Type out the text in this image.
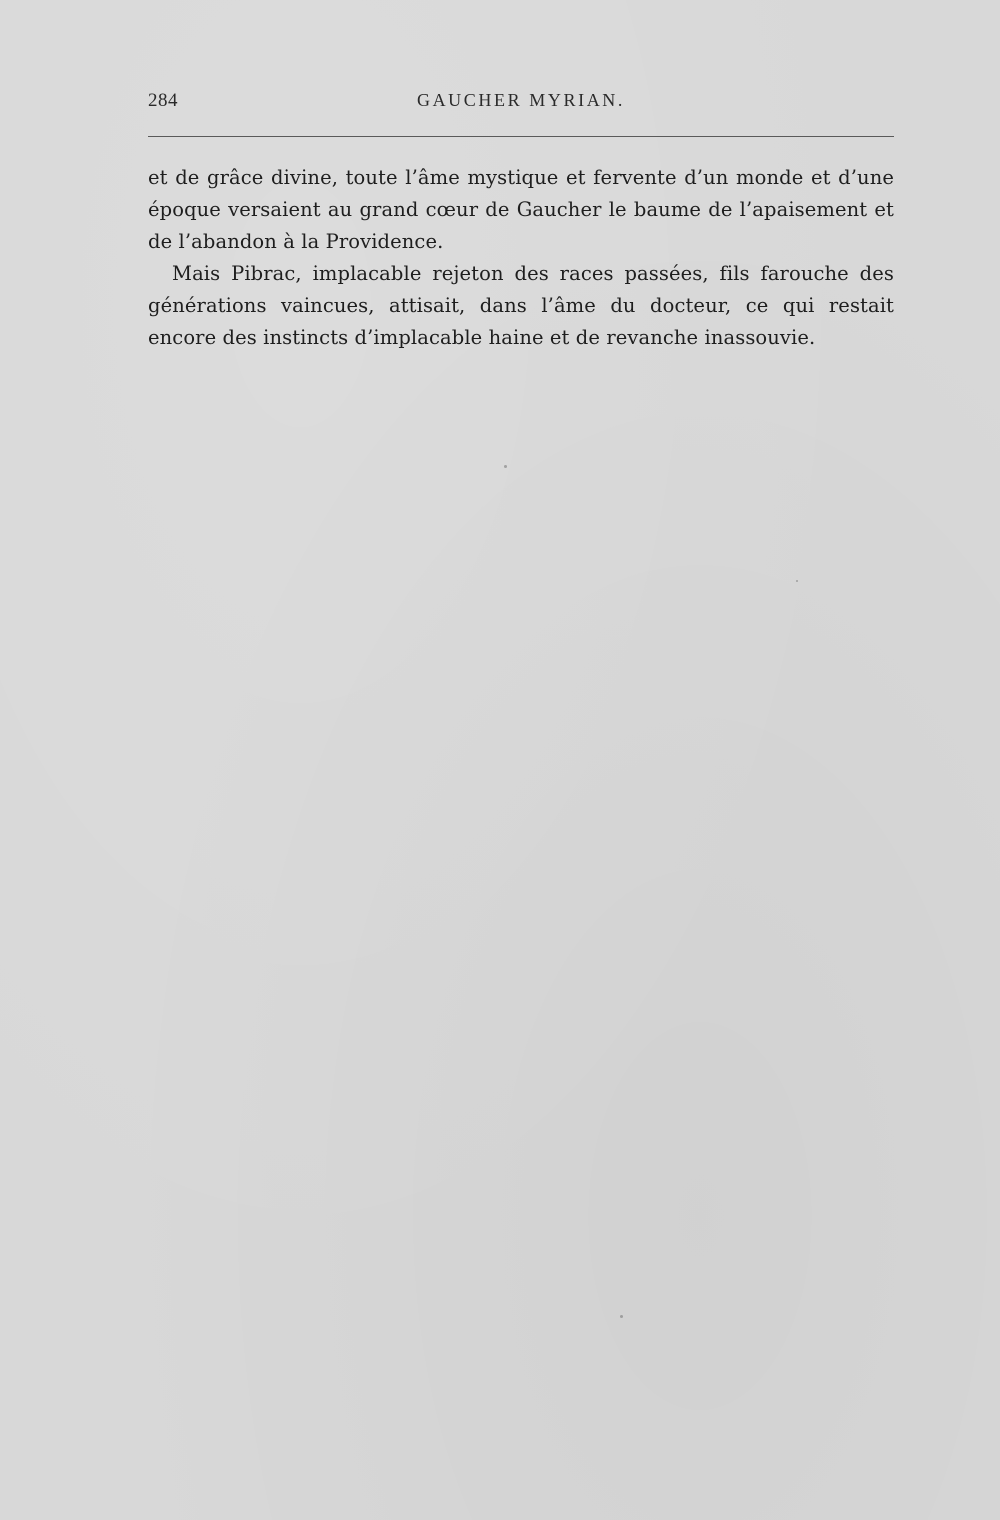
284	GAUCHER MYRIAN.

et de grâce divine, toute l’âme mystique et fervente d’un monde et d’une époque versaient au grand cœur de Gaucher le baume de l’apaisement et de l’abandon à la Providence.

Mais Pibrac, implacable rejeton des races passées, fils farouche des générations vaincues, attisait, dans l’âme du docteur, ce qui restait encore des instincts d’implacable haine et de revanche inassouvie.
